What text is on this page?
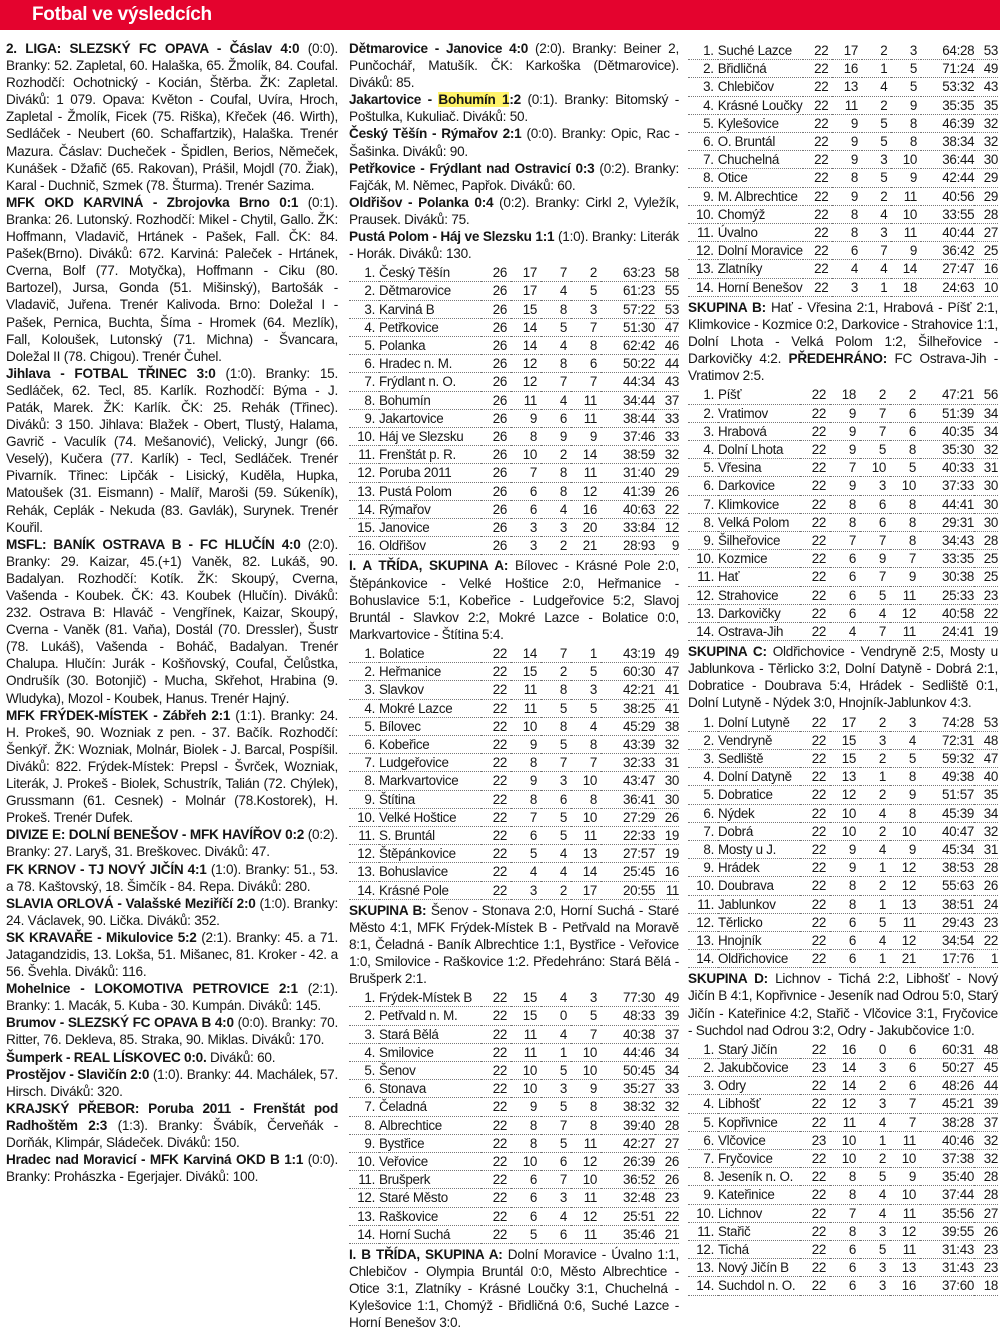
Fotbal ve výsledcích

2. LIGA: SLEZSKÝ FC OPAVA - Čáslav 4:0 (0:0). Branky: 52. Zapletal, 60. Halaška, 65. Žmolík, 84. Coufal. Rozhodčí: Ochotnický - Kocián, Štěrba. ŽK: Zapletal. Diváků: 1 079. Opava: Květon - Coufal, Uvíra, Hroch, Zapletal - Žmolík, Ficek (75. Riška), Křeček (46. Wirth), Sedláček - Neubert (60. Schaffartzik), Halaška. Trenér Mazura. Čáslav: Ducheček - Špidlen, Berios, Němeček, Kunášek - Džafič (65. Rakovan), Prášil, Mojdl (70. Žiak), Karal - Duchnič, Szmek (78. Šturma). Trenér Sazima.

MFK OKD KARVINÁ - Zbrojovka Brno 0:1 (0:1). Branka: 26. Lutonský. Rozhodčí: Mikel - Chytil, Gallo. ŽK: Hoffmann, Vladavič, Hrtánek - Pašek, Fall. ČK: 84. Pašek(Brno). Diváků: 672. Karviná: Paleček - Hrtánek, Cverna, Bolf (77. Motyčka), Hoffmann - Ciku (80. Bartozel), Jursa, Gonda (51. Mišinský), Bartošák - Vladavič, Juřena. Trenér Kalivoda. Brno: Doležal I - Pašek, Pernica, Buchta, Šíma - Hromek (64. Mezlík), Fall, Koloušek, Lutonský (71. Michna) - Švancara, Doležal II (78. Chigou). Trenér Čuhel.

Jihlava - FOTBAL TŘINEC 3:0 (1:0). Branky: 15. Sedláček, 62. Tecl, 85. Karlík. Rozhodčí: Býma - J. Paták, Marek. ŽK: Karlík. ČK: 25. Rehák (Třinec). Diváků: 3 150. Jihlava: Blažek - Obert, Tlustý, Halama, Gavrič - Vaculík (74. Mešanović), Velický, Jungr (66. Veselý), Kučera (77. Karlík) - Tecl, Sedláček. Trenér Pivarník. Třinec: Lipčák - Lisický, Kuděla, Hupka, Matoušek (31. Eismann) - Malíř, Maroši (59. Súkeník), Rehák, Ceplák - Nekuda (83. Gavlák), Surynek. Trenér Kouřil.

MSFL: BANÍK OSTRAVA B - FC HLUČÍN 4:0 (2:0). Branky: 29. Kaizar, 45.(+1) Vaněk, 82. Lukáš, 90. Badalyan. Rozhodčí: Kotík. ŽK: Skoupý, Cverna, Vašenda - Koubek. ČK: 43. Koubek (Hlučín). Diváků: 232. Ostrava B: Hlaváč - Vengřínek, Kaizar, Skoupý, Cverna - Vaněk (81. Vaňa), Dostál (70. Dressler), Šustr (78. Lukáš), Vašenda - Boháč, Badalyan. Trenér Chalupa. Hlučín: Jurák - Košňovský, Coufal, Čelůstka, Ondrušík (30. Botonjič) - Mucha, Skřehot, Hrabina (9. Wludyka), Mozol - Koubek, Hanus. Trenér Hajný.

MFK FRÝDEK-MÍSTEK - Zábřeh 2:1 (1:1). Branky: 24. H. Prokeš, 90. Wozniak z pen. - 37. Bačík. Rozhodčí: Šenkýř. ŽK: Wozniak, Molnár, Biolek - J. Barcal, Pospíšil. Diváků: 822. Frýdek-Místek: Prepsl - Švrček, Wozniak, Literák, J. Prokeš - Biolek, Schustrík, Talián (72. Chýlek), Grussmann (61. Cesnek) - Molnár (78.Kostorek), H. Prokeš. Trenér Dufek.

DIVIZE E: DOLNÍ BENEŠOV - MFK HAVÍŘOV 0:2 (0:2). Branky: 27. Laryš, 31. Breškovec. Diváků: 47.

FK KRNOV - TJ NOVÝ JIČÍN 4:1 (1:0). Branky: 51., 53. a 78. Kaštovský, 18. Šimčík - 84. Repa. Diváků: 280.

SLAVIA ORLOVÁ - Valašské Meziříčí 2:0 (1:0). Branky: 24. Václavek, 90. Lička. Diváků: 352.

SK KRAVAŘE - Mikulovice 5:2 (2:1). Branky: 45. a 71. Jatagandzidis, 13. Lokša, 51. Mišanec, 81. Kroker - 42. a 56. Švehla. Diváků: 116.

Mohelnice - LOKOMOTIVA PETROVICE 2:1 (2:1). Branky: 1. Macák, 5. Kuba - 30. Kumpán. Diváků: 145.

Brumov - SLEZSKÝ FC OPAVA B 4:0 (0:0). Branky: 70. Ritter, 76. Dekleva, 85. Straka, 90. Miklas. Diváků: 170.

Šumperk - REAL LÍSKOVEC 0:0. Diváků: 60.

Prostějov - Slavičín 2:0 (1:0). Branky: 44. Machálek, 57. Hirsch. Diváků: 320.

KRAJSKÝ PŘEBOR: Poruba 2011 - Frenštát pod Radhoštěm 2:3 (1:3). Branky: Švábík, Červeňák - Dorňák, Klimpár, Sládeček. Diváků: 150.

Hradec nad Moravicí - MFK Karviná OKD B 1:1 (0:0). Branky: Prohászka - Egerjajer. Diváků: 100.

Dětmarovice - Janovice 4:0 (2:0). Branky: Beiner 2, Punčochář, Matušík. ČK: Karkoška (Dětmarovice). Diváků: 85.

Jakartovice - Bohumín 1:2 (0:1). Branky: Bitomský - Poštulka, Kukuliač. Diváků: 50.

Český Těšín - Rýmařov 2:1 (0:0). Branky: Opic, Rac - Šašinka. Diváků: 90.

Petřkovice - Frýdlant nad Ostravicí 0:3 (0:2). Branky: Fajčák, M. Němec, Papřok. Diváků: 60.

Oldřišov - Polanka 0:4 (0:2). Branky: Cirkl 2, Vyležík, Prausek. Diváků: 75.

Pustá Polom - Háj ve Slezsku 1:1 (1:0). Branky: Literák - Horák. Diváků: 130.

1.	Český Těšín	26	17	7	2	63:23	58
2.	Dětmarovice	26	17	4	5	61:23	55
3.	Karviná B	26	15	8	3	57:22	53
4.	Petřkovice	26	14	5	7	51:30	47
5.	Polanka	26	14	4	8	62:42	46
6.	Hradec n. M.	26	12	8	6	50:22	44
7.	Frýdlant n. O.	26	12	7	7	44:34	43
8.	Bohumín	26	11	4	11	34:44	37
9.	Jakartovice	26	9	6	11	38:44	33
10.	Háj ve Slezsku	26	8	9	9	37:46	33
11.	Frenštát p. R.	26	10	2	14	38:59	32
12.	Poruba 2011	26	7	8	11	31:40	29
13.	Pustá Polom	26	6	8	12	41:39	26
14.	Rýmařov	26	6	4	16	40:63	22
15.	Janovice	26	3	3	20	33:84	12
16.	Oldřišov	26	3	2	21	28:93	9

I. A TŘÍDA, SKUPINA A: Bílovec - Krásné Pole 2:0, Štěpánkovice - Velké Hoštice 2:0, Heřmanice - Bohuslavice 5:1, Kobeřice - Ludgeřovice 5:2, Slavoj Bruntál - Slavkov 2:2, Mokré Lazce - Bolatice 0:0, Markvartovice - Štítina 5:4.

1.	Bolatice	22	14	7	1	43:19	49
2.	Heřmanice	22	15	2	5	60:30	47
3.	Slavkov	22	11	8	3	42:21	41
4.	Mokré Lazce	22	11	5	5	38:25	41
5.	Bílovec	22	10	8	4	45:29	38
6.	Kobeřice	22	9	5	8	43:39	32
7.	Ludgeřovice	22	8	7	7	32:33	31
8.	Markvartovice	22	9	3	10	43:47	30
9.	Štítina	22	8	6	8	36:41	30
10.	Velké Hoštice	22	7	5	10	27:29	26
11.	S. Bruntál	22	6	5	11	22:33	19
12.	Štěpánkovice	22	5	4	13	27:57	19
13.	Bohuslavice	22	4	4	14	25:45	16
14.	Krásné Pole	22	3	2	17	20:55	11

SKUPINA B: Šenov - Stonava 2:0, Horní Suchá - Staré Město 4:1, MFK Frýdek-Místek B - Petřvald na Moravě 8:1, Čeladná - Baník Albrechtice 1:1, Bystřice - Veřovice 1:0, Smilovice - Raškovice 1:2. Předehráno: Stará Bělá - Brušperk 2:1.

1.	Frýdek-Místek B	22	15	4	3	77:30	49
2.	Petřvald n. M.	22	15	0	5	48:33	39
3.	Stará Bělá	22	11	4	7	40:38	37
4.	Smilovice	22	11	1	10	44:46	34
5.	Šenov	22	10	5	10	50:45	34
6.	Stonava	22	10	3	9	35:27	33
7.	Čeladná	22	9	5	8	38:32	32
8.	Albrechtice	22	8	7	8	39:40	28
9.	Bystřice	22	8	5	11	42:27	27
10.	Veřovice	22	10	6	12	26:39	26
11.	Brušperk	22	6	7	10	36:52	26
12.	Staré Město	22	6	3	11	32:48	23
13.	Raškovice	22	6	4	12	25:51	22
14.	Horní Suchá	22	5	6	11	35:46	21

I. B TŘÍDA, SKUPINA A: Dolní Moravice - Úvalno 1:1, Chlebičov - Olympia Bruntál 0:0, Město Albrechtice - Otice 3:1, Zlatníky - Krásné Loučky 3:1, Chuchelná - Kylešovice 1:1, Chomýž - Břidličná 0:6, Suché Lazce - Horní Benešov 3:0.

1.	Suché Lazce	22	17	2	3	64:28	53
2.	Břidličná	22	16	1	5	71:24	49
3.	Chlebičov	22	13	4	5	53:32	43
4.	Krásné Loučky	22	11	2	9	35:35	35
5.	Kylešovice	22	9	5	8	46:39	32
6.	O. Bruntál	22	9	5	8	38:34	32
7.	Chuchelná	22	9	3	10	36:44	30
8.	Otice	22	8	5	9	42:44	29
9.	M. Albrechtice	22	9	2	11	40:56	29
10.	Chomýž	22	8	4	10	33:55	28
11.	Úvalno	22	8	3	11	40:44	27
12.	Dolní Moravice	22	6	7	9	36:42	25
13.	Zlatníky	22	4	4	14	27:47	16
14.	Horní Benešov	22	3	1	18	24:63	10

SKUPINA B: Hať - Vřesina 2:1, Hrabová - Píšť 2:1, Klimkovice - Kozmice 0:2, Darkovice - Strahovice 1:1, Dolní Lhota - Velká Polom 1:2, Šilheřovice - Darkovičky 4:2. PŘEDEHRÁNO: FC Ostrava-Jih - Vratimov 2:5.

1.	Píšť	22	18	2	2	47:21	56
2.	Vratimov	22	9	7	6	51:39	34
3.	Hrabová	22	9	7	6	40:35	34
4.	Dolní Lhota	22	9	5	8	35:30	32
5.	Vřesina	22	7	10	5	40:33	31
6.	Darkovice	22	9	3	10	37:33	30
7.	Klimkovice	22	8	6	8	44:41	30
8.	Velká Polom	22	8	6	8	29:31	30
9.	Šilheřovice	22	7	7	8	34:43	28
10.	Kozmice	22	6	9	7	33:35	25
11.	Hať	22	6	7	9	30:38	25
12.	Strahovice	22	6	5	11	25:33	23
13.	Darkovičky	22	6	4	12	40:58	22
14.	Ostrava-Jih	22	4	7	11	24:41	19

SKUPINA C: Oldřichovice - Vendryně 2:5, Mosty u Jablunkova - Těrlicko 3:2, Dolní Datyně - Dobrá 2:1, Dobratice - Doubrava 5:4, Hrádek - Sedliště 0:1, Dolní Lutyně - Nýdek 3:0, Hnojník-Jablunkov 4:3.

1.	Dolní Lutyně	22	17	2	3	74:28	53
2.	Vendryně	22	15	3	4	72:31	48
3.	Sedliště	22	15	2	5	59:32	47
4.	Dolní Datyně	22	13	1	8	49:38	40
5.	Dobratice	22	12	2	9	51:57	35
6.	Nýdek	22	10	4	8	45:39	34
7.	Dobrá	22	10	2	10	40:47	32
8.	Mosty u J.	22	9	4	9	45:34	31
9.	Hrádek	22	9	1	12	38:53	28
10.	Doubrava	22	8	2	12	55:63	26
11.	Jablunkov	22	8	1	13	38:51	24
12.	Těrlicko	22	6	5	11	29:43	23
13.	Hnojník	22	6	4	12	34:54	22
14.	Oldřichovice	22	6	1	21	17:76	1

SKUPINA D: Lichnov - Tichá 2:2, Libhošť - Nový Jičín B 4:1, Kopřivnice - Jeseník nad Odrou 5:0, Starý Jičín - Kateřinice 4:2, Stařič - Vlčovice 3:1, Fryčovice - Suchdol nad Odrou 3:2, Odry - Jakubčovice 1:0.

1.	Starý Jičín	22	16	0	6	60:31	48
2.	Jakubčovice	23	14	3	6	50:27	45
3.	Odry	22	14	2	6	48:26	44
4.	Libhošť	22	12	3	7	45:21	39
5.	Kopřivnice	22	11	4	7	38:28	37
6.	Vlčovice	23	10	1	11	40:46	32
7.	Fryčovice	22	10	2	10	37:38	32
8.	Jeseník n. O.	22	8	5	9	35:40	28
9.	Kateřinice	22	8	4	10	37:44	28
10.	Lichnov	22	7	4	11	35:56	27
11.	Stařič	22	8	3	12	39:55	26
12.	Tichá	22	6	5	11	31:43	23
13.	Nový Jičín B	22	6	3	13	31:43	23
14.	Suchdol n. O.	22	6	3	16	37:60	18
